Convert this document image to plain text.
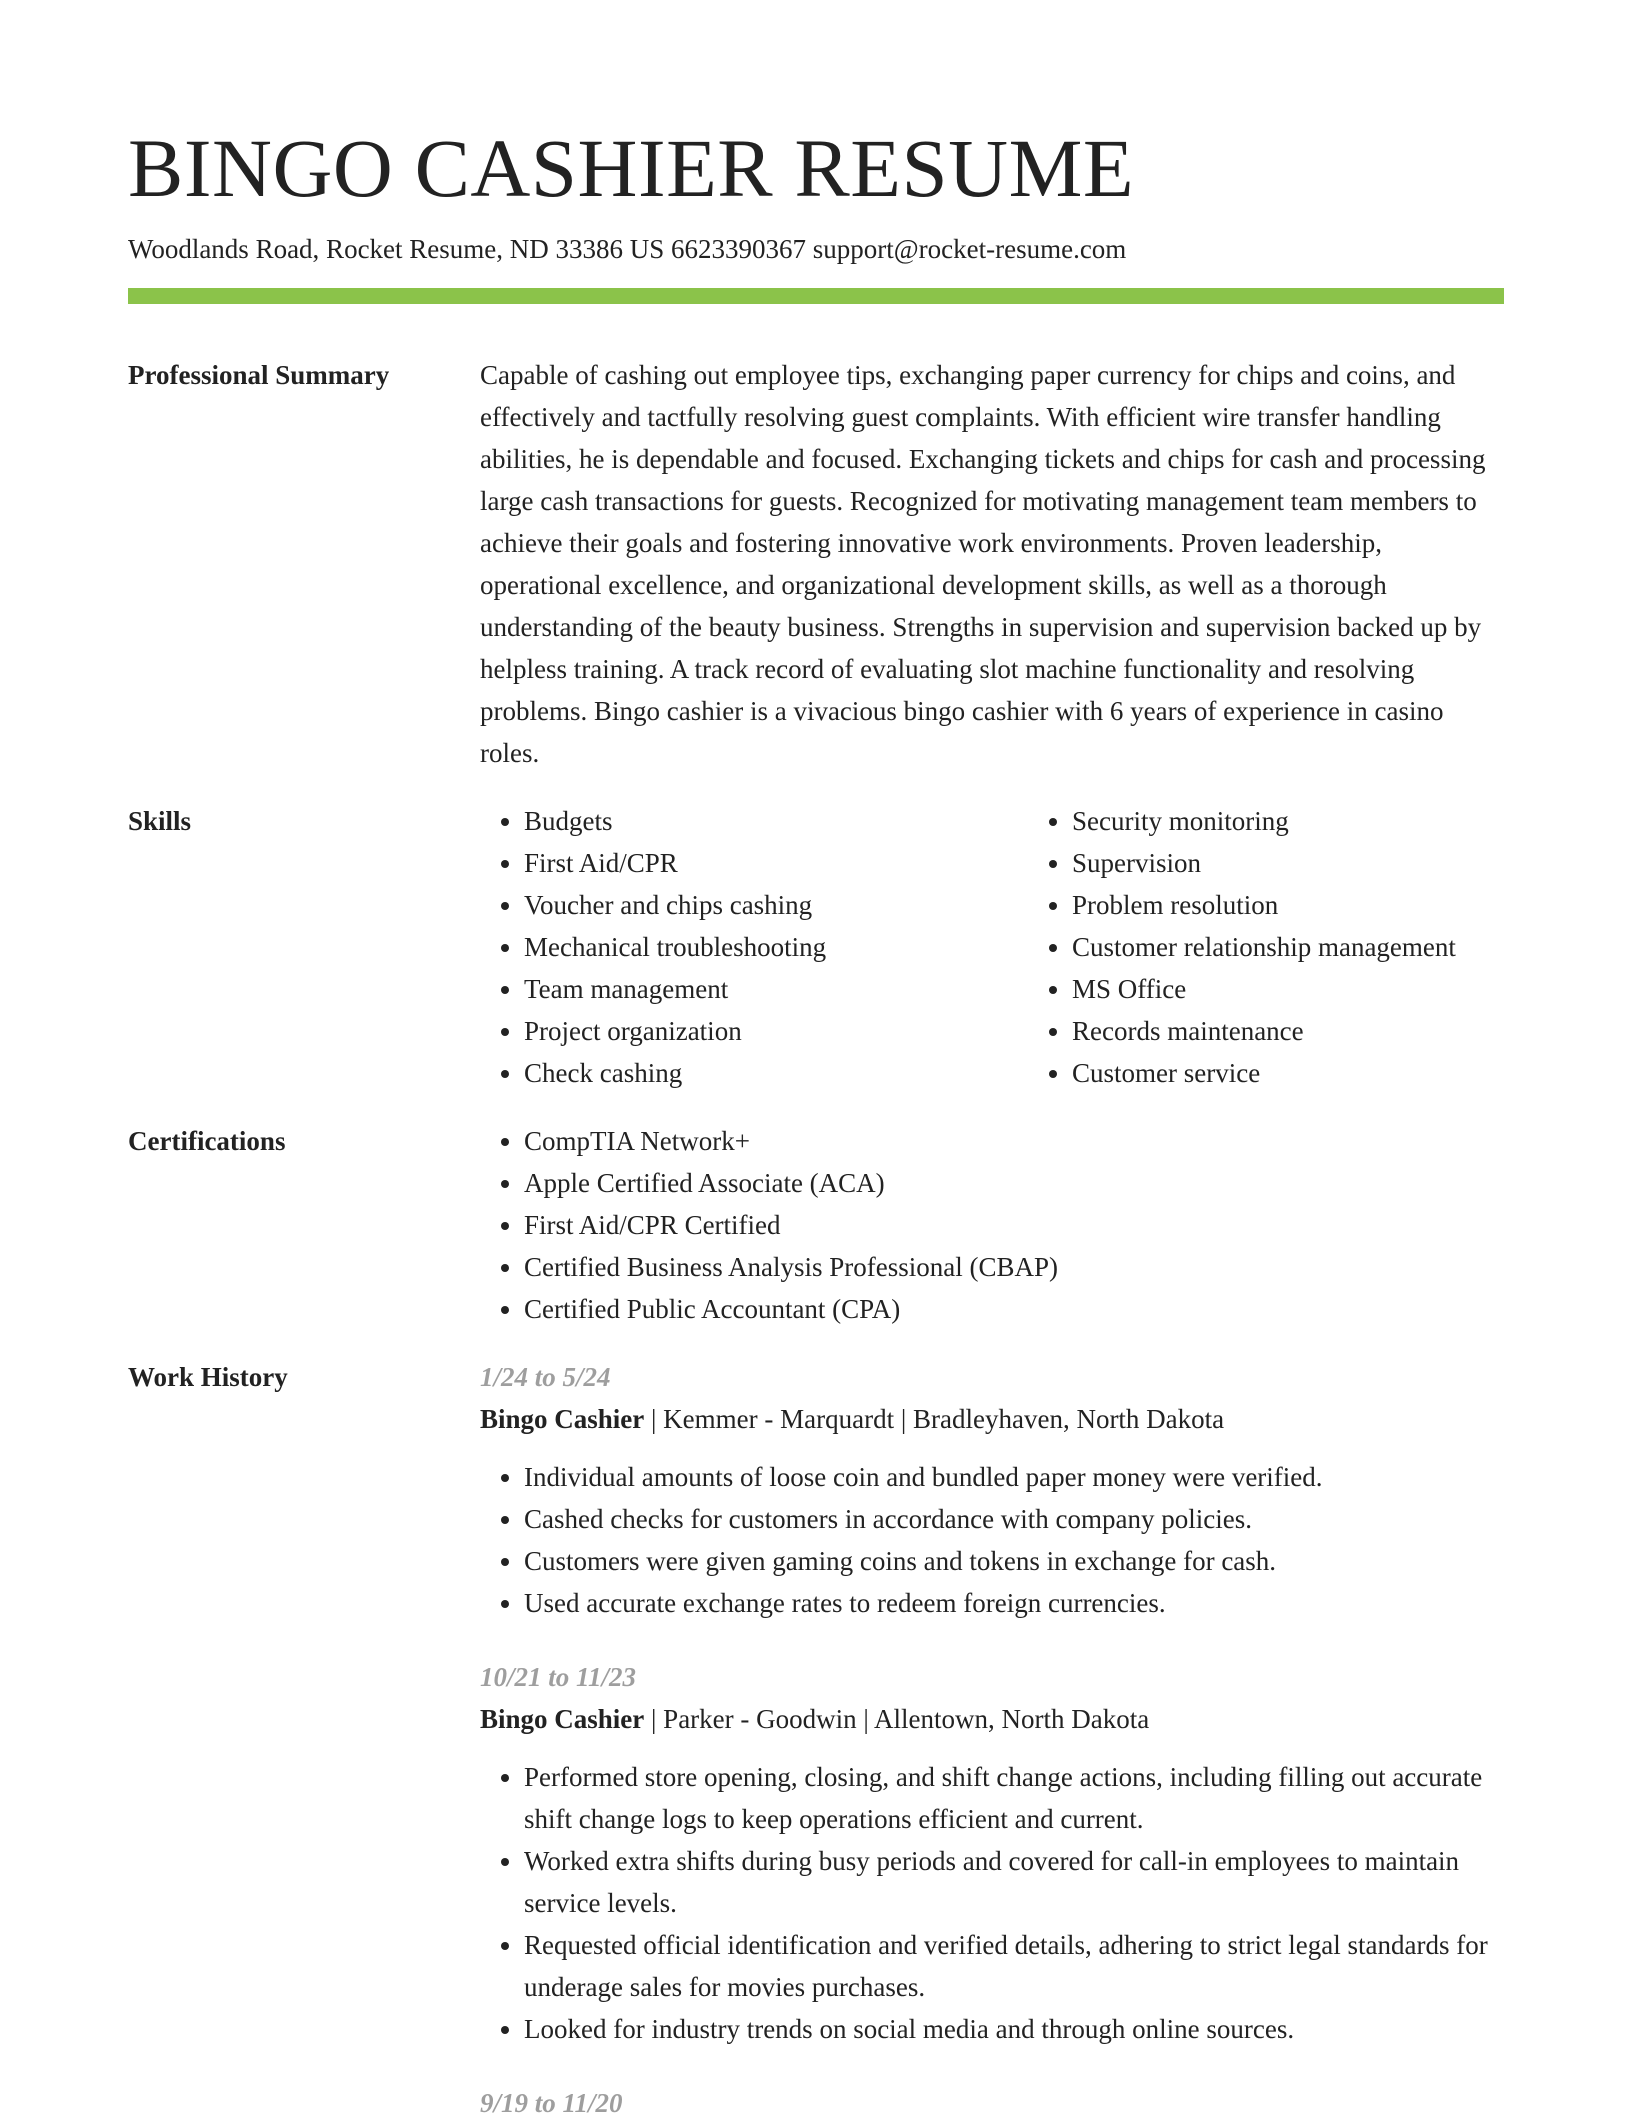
BINGO CASHIER RESUME
Woodlands Road, Rocket Resume, ND 33386 US 6623390367 support@rocket-resume.com
Professional Summary	Capable of cashing out employee tips, exchanging paper currency for chips and coins, and effectively and tactfully resolving guest complaints. With efficient wire transfer handling abilities, he is dependable and focused. Exchanging tickets and chips for cash and processing large cash transactions for guests. Recognized for motivating management team members to achieve their goals and fostering innovative work environments. Proven leadership, operational excellence, and organizational development skills, as well as a thorough understanding of the beauty business. Strengths in supervision and supervision backed up by helpless training. A track record of evaluating slot machine functionality and resolving problems. Bingo cashier is a vivacious bingo cashier with 6 years of experience in casino roles.

Skills	• Budgets
• First Aid/CPR
• Voucher and chips cashing
• Mechanical troubleshooting
• Team management
• Project organization
• Check cashing
• Security monitoring
• Supervision
• Problem resolution
• Customer relationship management
• MS Office
• Records maintenance
• Customer service
Certifications	• CompTIA Network+
• Apple Certified Associate (ACA)
• First Aid/CPR Certified
• Certified Business Analysis Professional (CBAP)
• Certified Public Accountant (CPA)
Work History	1/24 to 5/24
Bingo Cashier | Kemmer - Marquardt | Bradleyhaven, North Dakota
• Individual amounts of loose coin and bundled paper money were verified.
• Cashed checks for customers in accordance with company policies.
• Customers were given gaming coins and tokens in exchange for cash.
• Used accurate exchange rates to redeem foreign currencies.
10/21 to 11/23
Bingo Cashier | Parker - Goodwin | Allentown, North Dakota
• Performed store opening, closing, and shift change actions, including filling out accurate shift change logs to keep operations efficient and current.
• Worked extra shifts during busy periods and covered for call-in employees to maintain service levels.
• Requested official identification and verified details, adhering to strict legal standards for underage sales for movies purchases.
• Looked for industry trends on social media and through online sources.
9/19 to 11/20
